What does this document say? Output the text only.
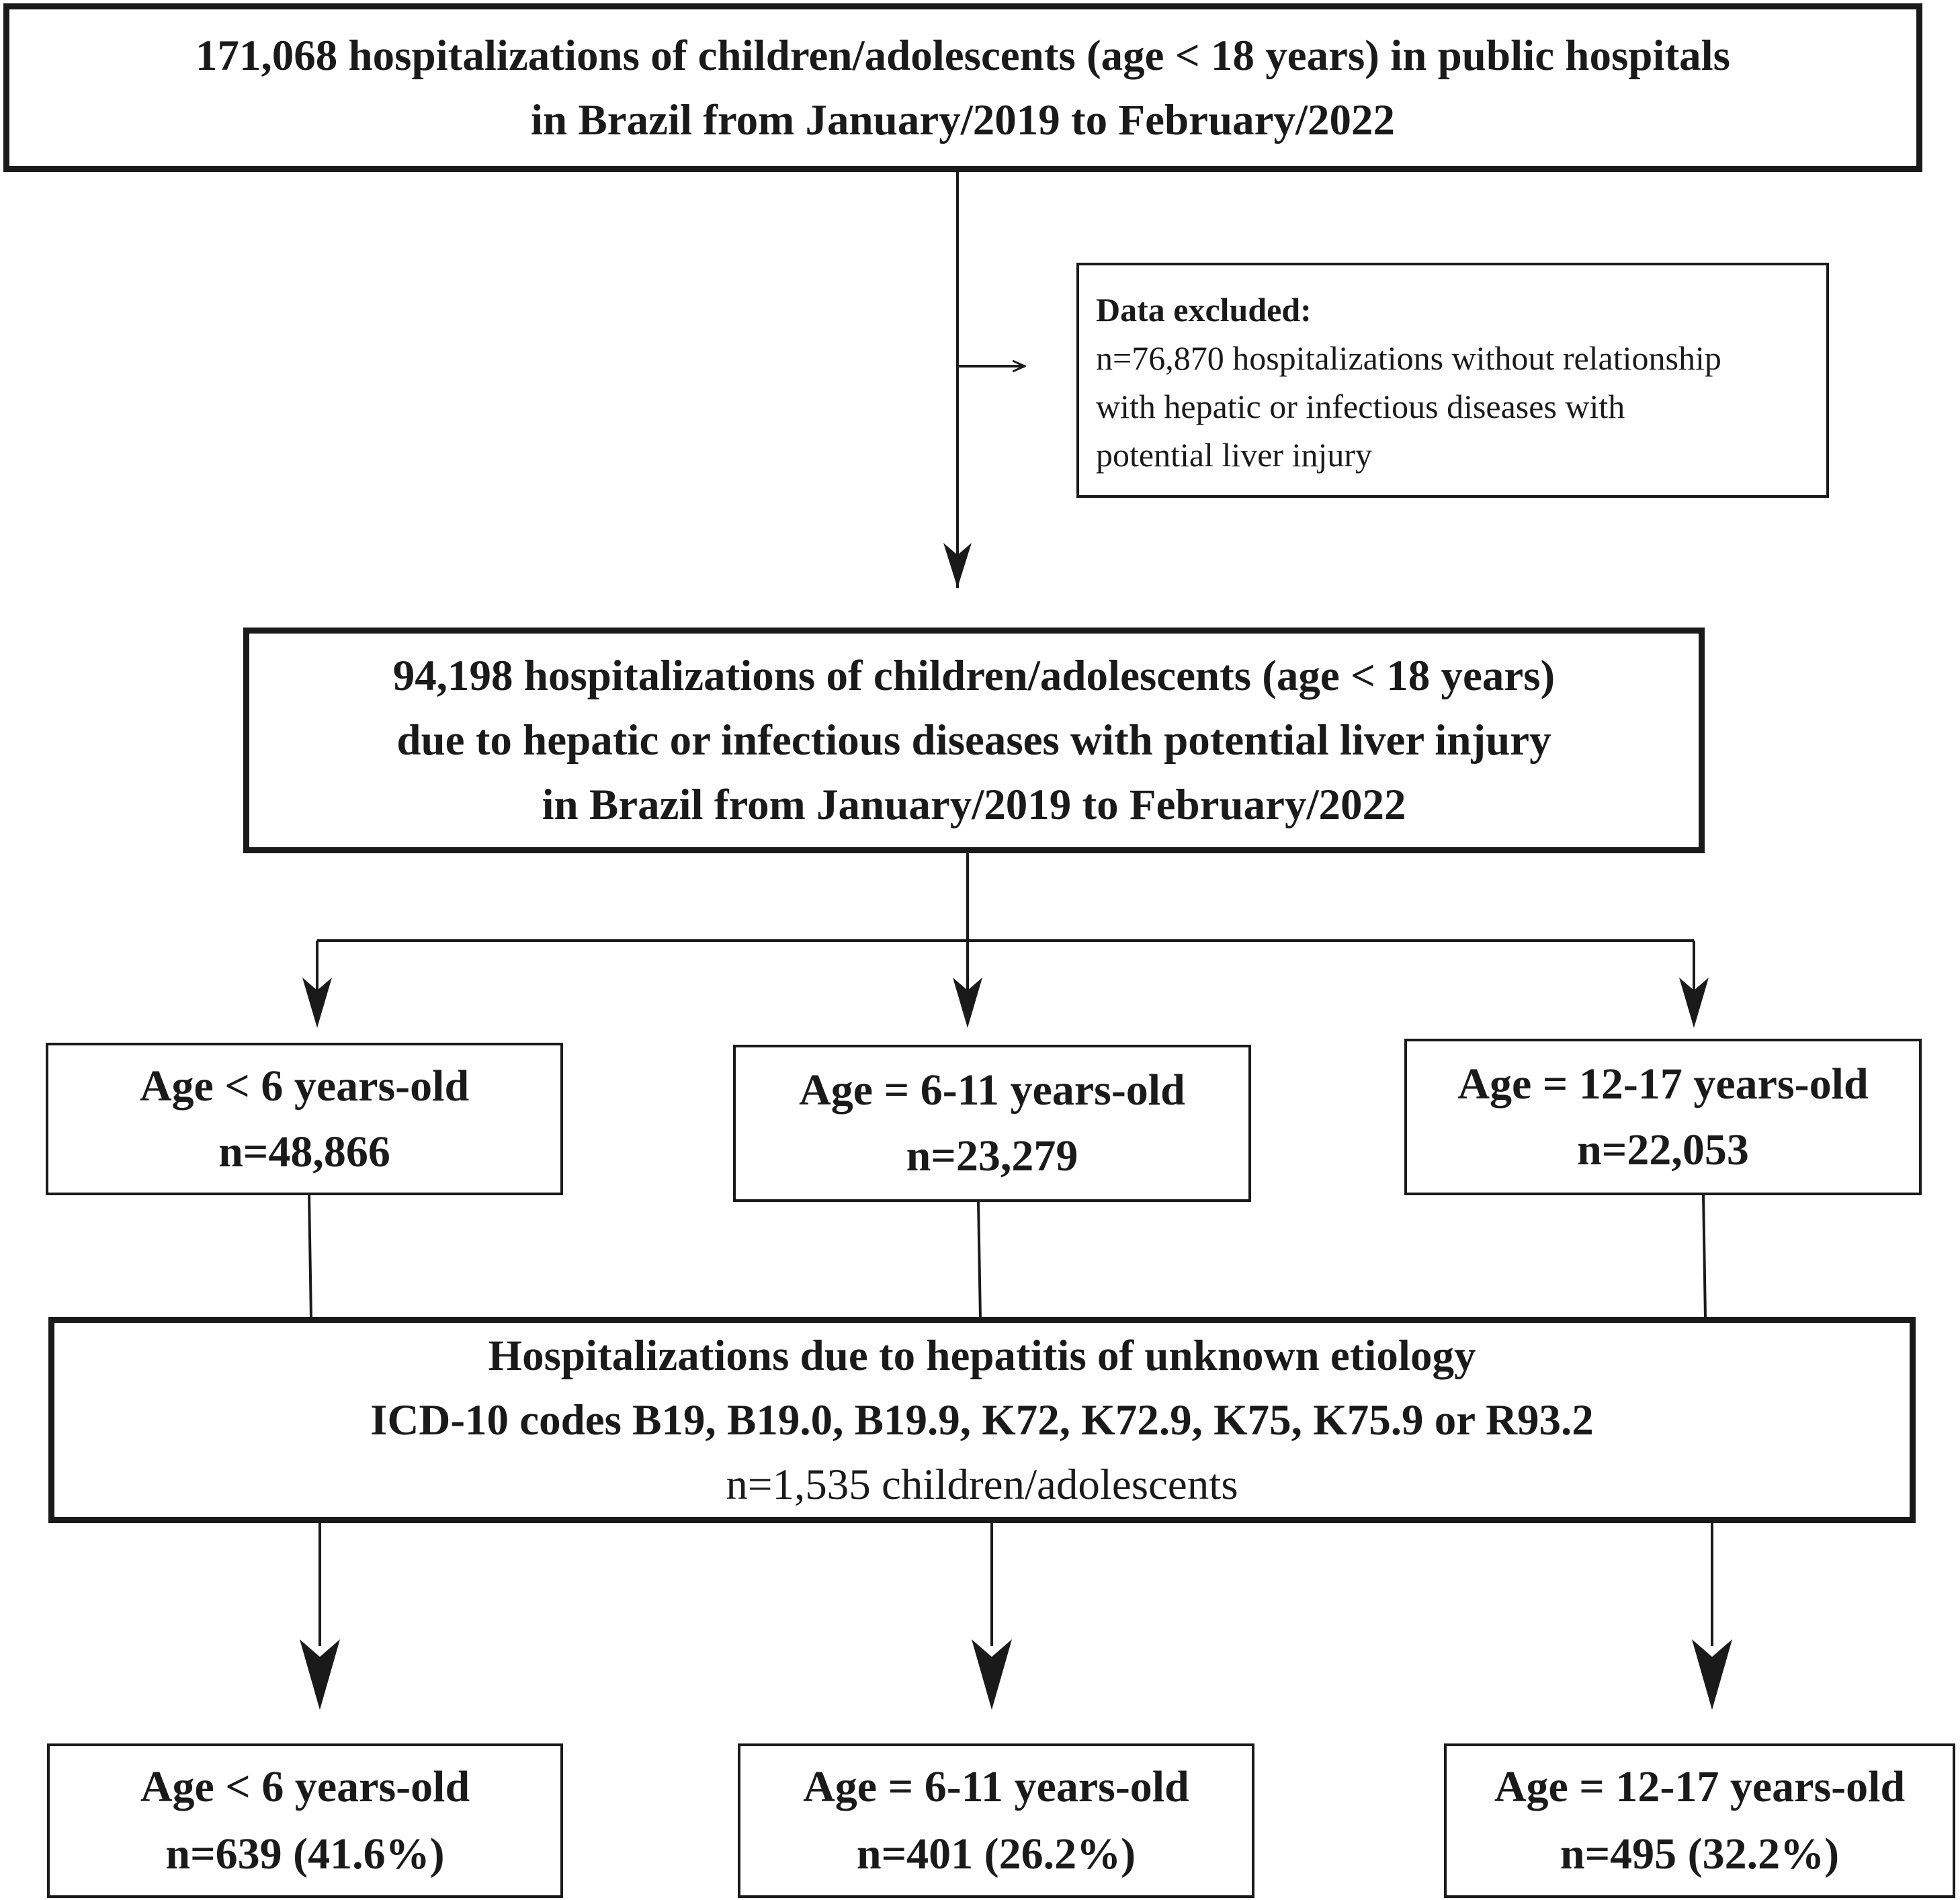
171,068 hospitalizations of children/adolescents (age < 18 years) in public hospitals
in Brazil from January/2019 to February/2022
Data excluded:
n=76,870 hospitalizations without relationship
with hepatic or infectious diseases with
potential liver injury
94,198 hospitalizations of children/adolescents (age < 18 years)
due to hepatic or infectious diseases with potential liver injury
in Brazil from January/2019 to February/2022
Age < 6 years-old
n=48,866
Age = 6-11 years-old
n=23,279
Age = 12-17 years-old
n=22,053
Hospitalizations due to hepatitis of unknown etiology
ICD-10 codes B19, B19.0, B19.9, K72, K72.9, K75, K75.9 or R93.2
n=1,535 children/adolescents
Age < 6 years-old
n=639 (41.6%)
Age = 6-11 years-old
n=401 (26.2%)
Age = 12-17 years-old
n=495 (32.2%)
